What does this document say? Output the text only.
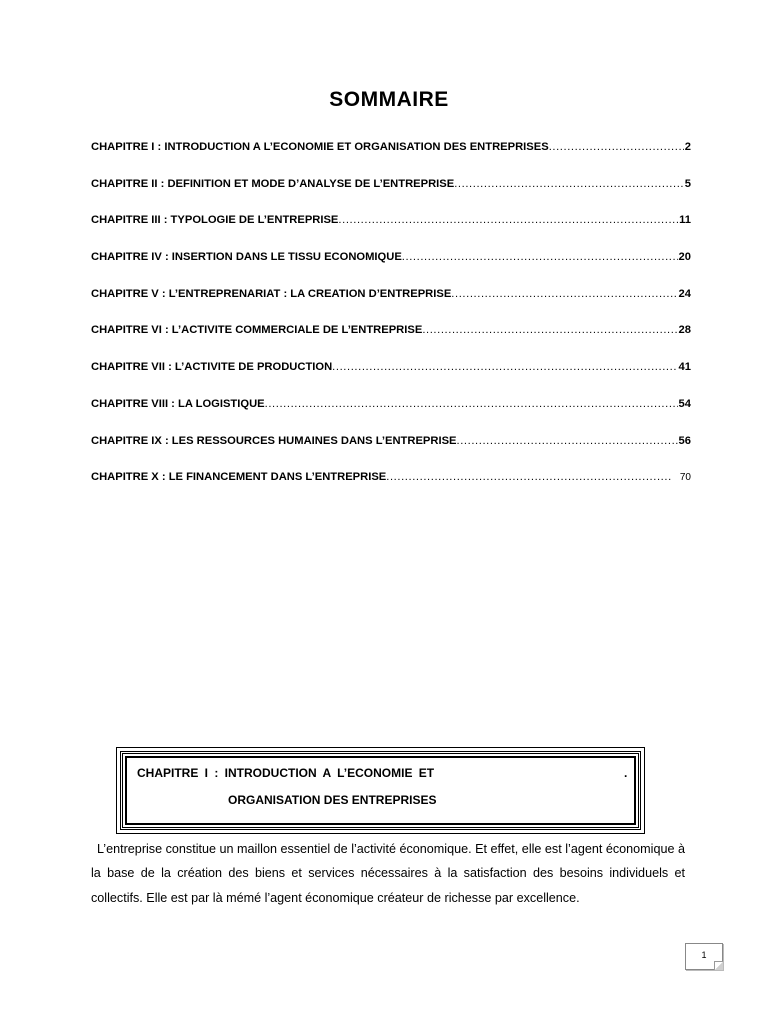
SOMMAIRE
CHAPITRE I : INTRODUCTION A L’ECONOMIE ET ORGANISATION DES ENTREPRISES .....	2
CHAPITRE II : DEFINITION ET MODE D’ANALYSE DE L’ENTREPRISE .....	5
CHAPITRE III : TYPOLOGIE DE L’ENTREPRISE .....	11
CHAPITRE IV : INSERTION DANS LE TISSU ECONOMIQUE .....	20
CHAPITRE V : L’ENTREPRENARIAT : LA CREATION D’ENTREPRISE .....	24
CHAPITRE VI : L’ACTIVITE COMMERCIALE DE L’ENTREPRISE .....	28
CHAPITRE VII : L’ACTIVITE DE PRODUCTION .....	41
CHAPITRE VIII : LA LOGISTIQUE .....	54
CHAPITRE IX : LES RESSOURCES HUMAINES DANS L’ENTREPRISE .....	56
CHAPITRE X : LE FINANCEMENT DANS L’ENTREPRISE .....	70
CHAPITRE I : INTRODUCTION A L’ECONOMIE ET	.
ORGANISATION DES ENTREPRISES
L’entreprise constitue un maillon essentiel de l’activité économique. Et effet, elle est l’agent économique à la base de la création des biens et services nécessaires à la satisfaction des besoins individuels et collectifs. Elle est par là mémé l’agent économique créateur de richesse par excellence.
1
